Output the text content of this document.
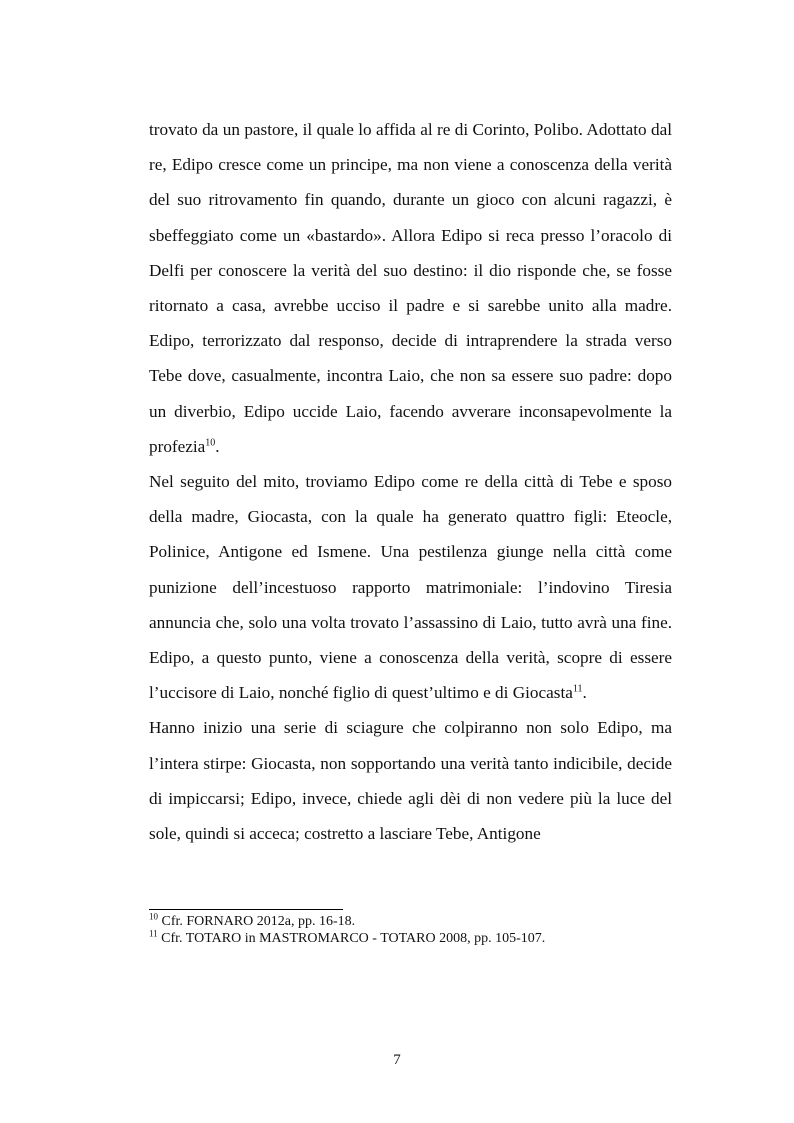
trovato da un pastore, il quale lo affida al re di Corinto, Polibo. Adottato dal re, Edipo cresce come un principe, ma non viene a conoscenza della verità del suo ritrovamento fin quando, durante un gioco con alcuni ragazzi, è sbeffeggiato come un «bastardo». Allora Edipo si reca presso l’oracolo di Delfi per conoscere la verità del suo destino: il dio risponde che, se fosse ritornato a casa, avrebbe ucciso il padre e si sarebbe unito alla madre. Edipo, terrorizzato dal responso, decide di intraprendere la strada verso Tebe dove, casualmente, incontra Laio, che non sa essere suo padre: dopo un diverbio, Edipo uccide Laio, facendo avverare inconsapevolmente la profezia$^{10}$.

Nel seguito del mito, troviamo Edipo come re della città di Tebe e sposo della madre, Giocasta, con la quale ha generato quattro figli: Eteocle, Polinice, Antigone ed Ismene. Una pestilenza giunge nella città come punizione dell’incestuoso rapporto matrimoniale: l’indovino Tiresia annuncia che, solo una volta trovato l’assassino di Laio, tutto avrà una fine. Edipo, a questo punto, viene a conoscenza della verità, scopre di essere l’uccisore di Laio, nonché figlio di quest’ultimo e di Giocasta$^{11}$.

Hanno inizio una serie di sciagure che colpiranno non solo Edipo, ma l’intera stirpe: Giocasta, non sopportando una verità tanto indicibile, decide di impiccarsi; Edipo, invece, chiede agli dèi di non vedere più la luce del sole, quindi si acceca; costretto a lasciare Tebe, Antigone

$^{10}$ Cfr. FORNARO 2012a, pp. 16-18.
$^{11}$ Cfr. TOTARO in MASTROMARCO - TOTARO 2008, pp. 105-107.
7
